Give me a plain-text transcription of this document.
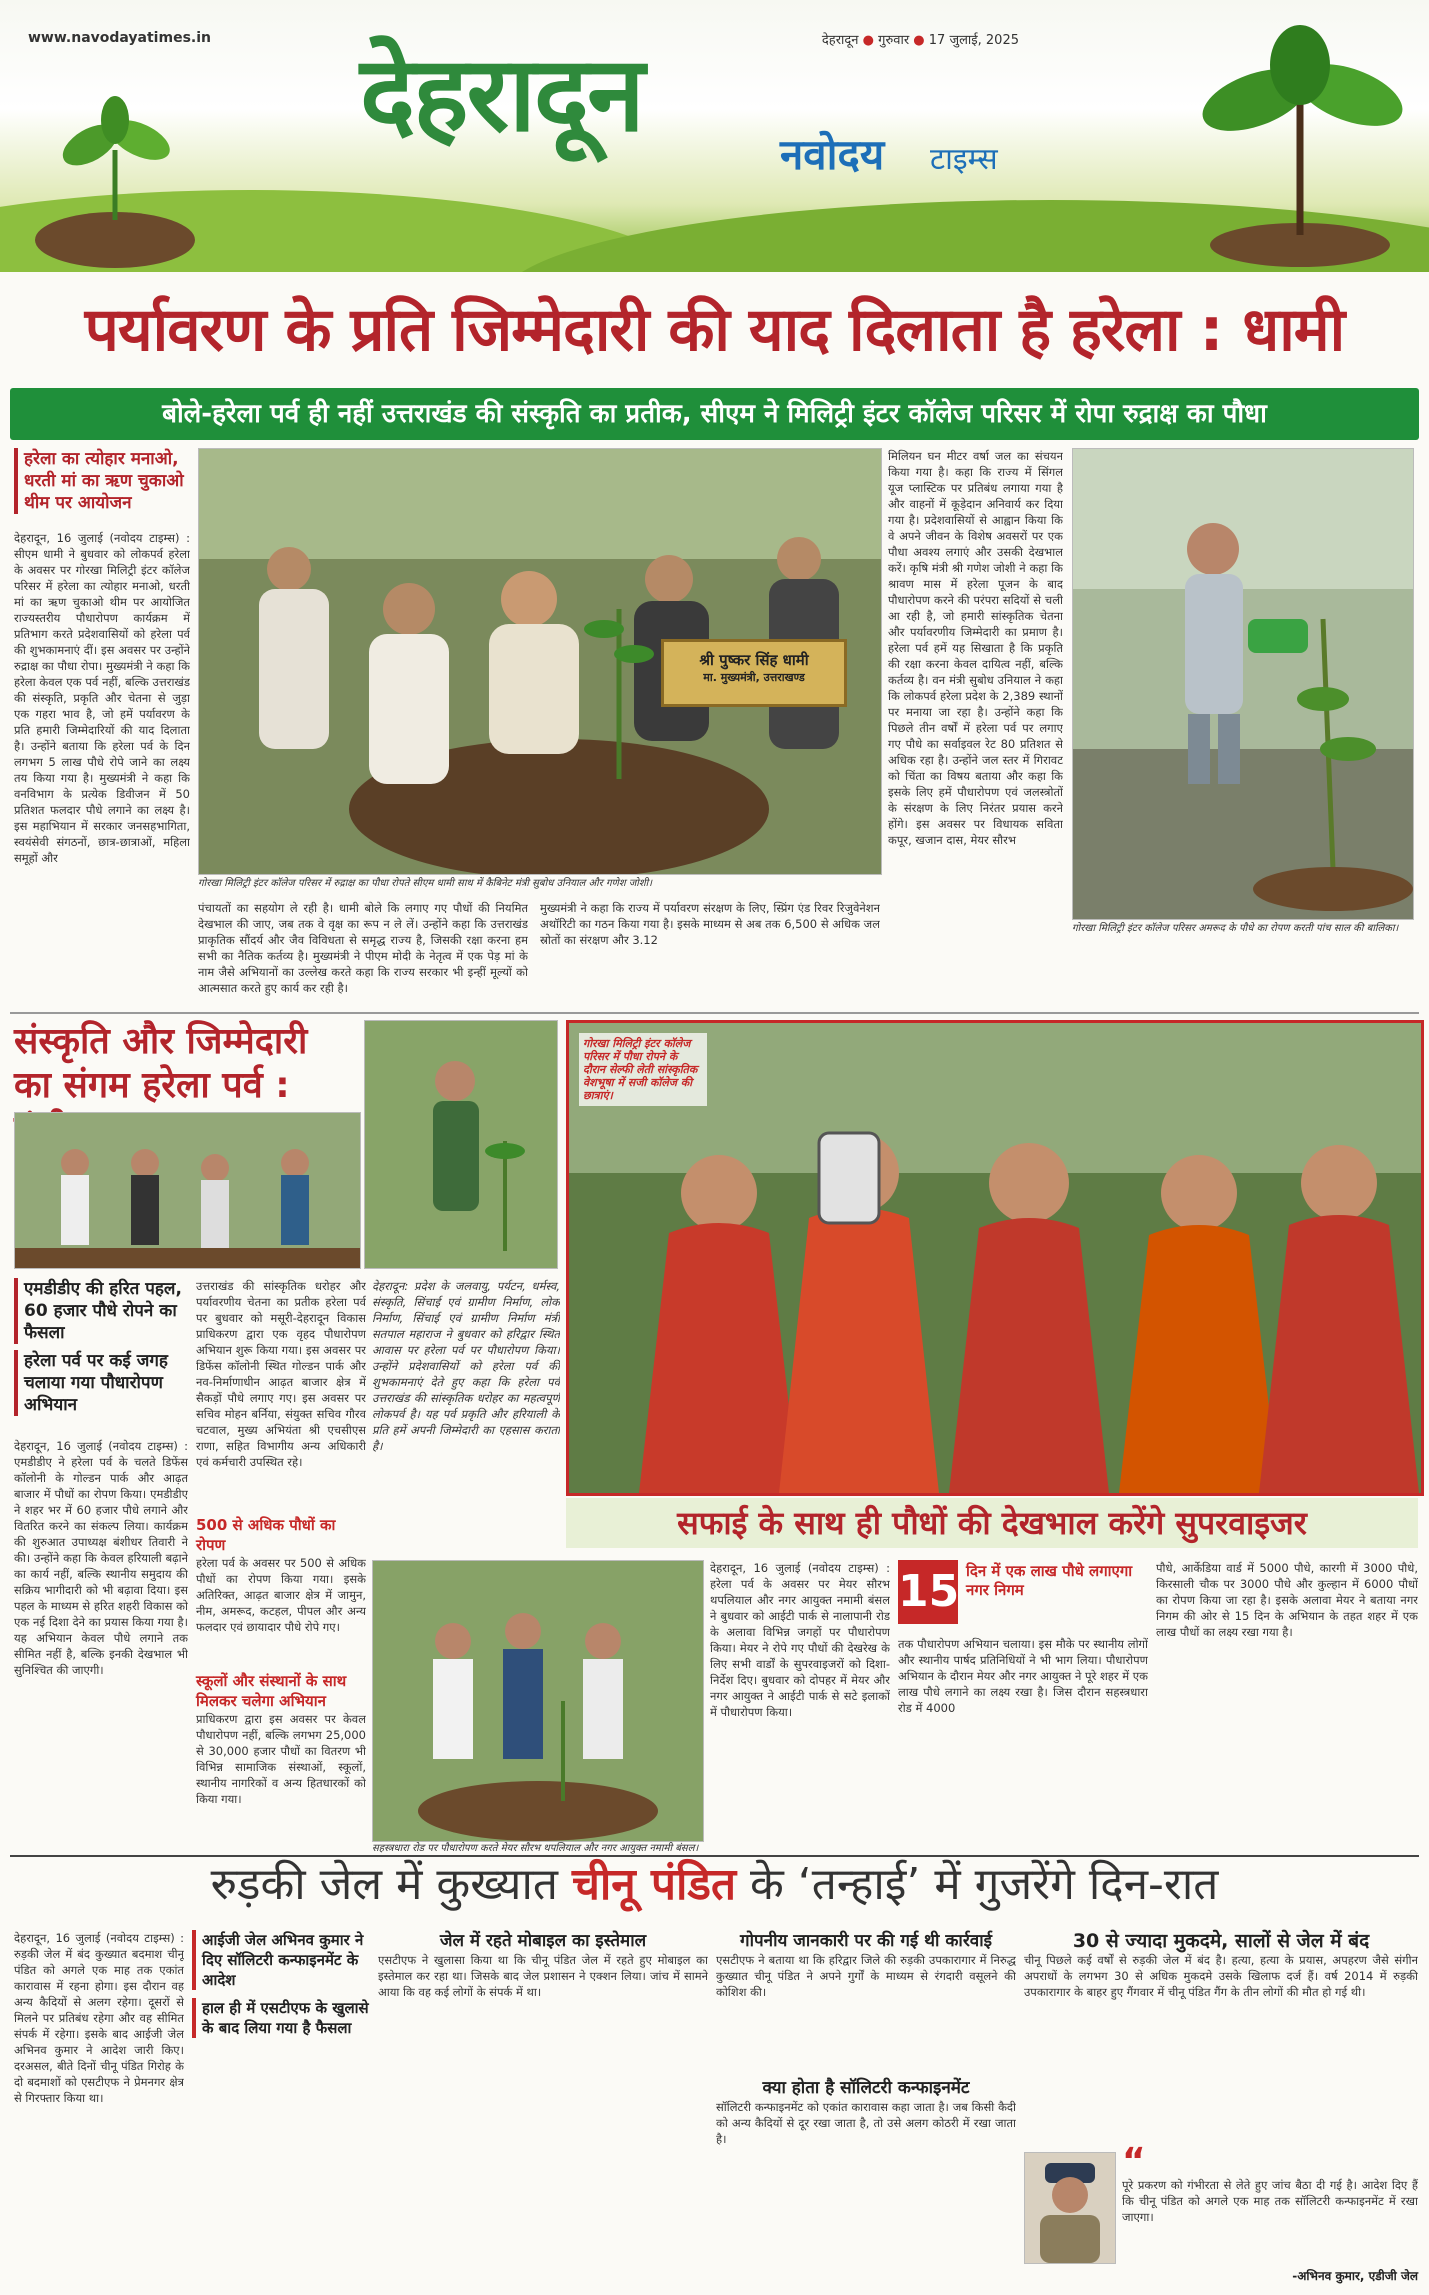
www.navodayatimes.in	देहरादून ● गुरुवार ● 17 जुलाई, 2025
देहरादून	नवोदय टाइम्स
पर्यावरण के प्रति जिम्मेदारी की याद दिलाता है हरेला : धामी
बोले-हरेला पर्व ही नहीं उत्तराखंड की संस्कृति का प्रतीक, सीएम ने मिलिट्री इंटर कॉलेज परिसर में रोपा रुद्राक्ष का पौधा
हरेला का त्योहार मनाओ, धरती मां का ऋण चुकाओ थीम पर आयोजन
देहरादून, 16 जुलाई (नवोदय टाइम्स) : सीएम धामी ने बुधवार को लोकपर्व हरेला के अवसर पर गोरखा मिलिट्री इंटर कॉलेज परिसर में हरेला का त्योहार मनाओ, धरती मां का ऋण चुकाओ थीम पर आयोजित राज्यस्तरीय पौधारोपण कार्यक्रम में प्रतिभाग करते प्रदेशवासियों को हरेला पर्व की शुभकामनाएं दीं। इस अवसर पर उन्होंने रुद्राक्ष का पौधा रोपा। मुख्यमंत्री ने कहा कि हरेला केवल एक पर्व नहीं, बल्कि उत्तराखंड की संस्कृति, प्रकृति और चेतना से जुड़ा एक गहरा भाव है, जो हमें पर्यावरण के प्रति हमारी जिम्मेदारियों की याद दिलाता है। उन्होंने बताया कि हरेला पर्व के दिन लगभग 5 लाख पौधे रोपे जाने का लक्ष्य तय किया गया है। मुख्यमंत्री ने कहा कि वनविभाग के प्रत्येक डिवीजन में 50 प्रतिशत फलदार पौधे लगाने का लक्ष्य है। इस महाभियान में सरकार जनसहभागिता, स्वयंसेवी संगठनों, छात्र-छात्राओं, महिला समूहों और
श्री पुष्कर सिंह धामी
मा. मुख्यमंत्री, उत्तराखण्ड
गोरखा मिलिट्री इंटर कॉलेज परिसर में रुद्राक्ष का पौधा रोपते सीएम धामी साथ में कैबिनेट मंत्री सुबोध उनियाल और गणेश जोशी।
मिलियन घन मीटर वर्षा जल का संचयन किया गया है। कहा कि राज्य में सिंगल यूज प्लास्टिक पर प्रतिबंध लगाया गया है और वाहनों में कूड़ेदान अनिवार्य कर दिया गया है। प्रदेशवासियों से आह्वान किया कि वे अपने जीवन के विशेष अवसरों पर एक पौधा अवश्य लगाएं और उसकी देखभाल करें। कृषि मंत्री श्री गणेश जोशी ने कहा कि श्रावण मास में हरेला पूजन के बाद पौधारोपण करने की परंपरा सदियों से चली आ रही है, जो हमारी सांस्कृतिक चेतना और पर्यावरणीय जिम्मेदारी का प्रमाण है। हरेला पर्व हमें यह सिखाता है कि प्रकृति की रक्षा करना केवल दायित्व नहीं, बल्कि कर्तव्य है। वन मंत्री सुबोध उनियाल ने कहा कि लोकपर्व हरेला प्रदेश के 2,389 स्थानों पर मनाया जा रहा है। उन्होंने कहा कि पिछले तीन वर्षों में हरेला पर्व पर लगाए गए पौधे का सर्वाइवल रेट 80 प्रतिशत से अधिक रहा है। उन्होंने जल स्तर में गिरावट को चिंता का विषय बताया और कहा कि इसके लिए हमें पौधारोपण एवं जलस्त्रोतों के संरक्षण के लिए निरंतर प्रयास करने होंगे। इस अवसर पर विधायक सविता कपूर, खजान दास, मेयर सौरभ
गोरखा मिलिट्री इंटर कॉलेज परिसर अमरूद के पौधे का रोपण करती पांच साल की बालिका।
पंचायतों का सहयोग ले रही है। धामी बोले कि लगाए गए पौधों की नियमित देखभाल की जाए, जब तक वे वृक्ष का रूप न ले लें। उन्होंने कहा कि उत्तराखंड प्राकृतिक सौंदर्य और जैव विविधता से समृद्ध राज्य है, जिसकी रक्षा करना हम सभी का नैतिक कर्तव्य है। मुख्यमंत्री ने पीएम मोदी के नेतृत्व में एक पेड़ मां के नाम जैसे अभियानों का उल्लेख करते कहा कि राज्य सरकार भी इन्हीं मूल्यों को आत्मसात करते हुए कार्य कर रही है।
मुख्यमंत्री ने कहा कि राज्य में पर्यावरण संरक्षण के लिए, स्प्रिंग एंड रिवर रिजुवेनेशन अथॉरिटी का गठन किया गया है। इसके माध्यम से अब तक 6,500 से अधिक जल स्रोतों का संरक्षण और 3.12
संस्कृति और जिम्मेदारी का संगम हरेला पर्व :
एमडीडीए की हरित पहल, 60 हजार पौधे रोपने का फैसला
हरेला पर्व पर कई जगह चलाया गया पौधारोपण अभियान
देहरादून, 16 जुलाई (नवोदय टाइम्स) : एमडीडीए ने हरेला पर्व के चलते डिफेंस कॉलोनी के गोल्डन पार्क और आढ़त बाजार में पौधों का रोपण किया। एमडीडीए ने शहर भर में 60 हजार पौधे लगाने और वितरित करने का संकल्प लिया। कार्यक्रम की शुरुआत उपाध्यक्ष बंशीधर तिवारी ने की। उन्होंने कहा कि केवल हरियाली बढ़ाने का कार्य नहीं, बल्कि स्थानीय समुदाय की सक्रिय भागीदारी को भी बढ़ावा दिया। इस पहल के माध्यम से हरित शहरी विकास को एक नई दिशा देने का प्रयास किया गया है। यह अभियान केवल पौधे लगाने तक सीमित नहीं है, बल्कि इनकी देखभाल भी सुनिश्चित की जाएगी।
उत्तराखंड की सांस्कृतिक धरोहर और पर्यावरणीय चेतना का प्रतीक हरेला पर्व पर बुधवार को मसूरी-देहरादून विकास प्राधिकरण द्वारा एक वृहद पौधारोपण अभियान शुरू किया गया। इस अवसर पर डिफेंस कॉलोनी स्थित गोल्डन पार्क और नव-निर्माणाधीन आढ़त बाजार क्षेत्र में सैकड़ों पौधे लगाए गए। इस अवसर पर सचिव मोहन बर्निया, संयुक्त सचिव गौरव चटवाल, मुख्य अभियंता श्री एचसीएस राणा, सहित विभागीय अन्य अधिकारी एवं कर्मचारी उपस्थित रहे।
देहरादून: प्रदेश के जलवायु, पर्यटन, धर्मस्व, संस्कृति, सिंचाई एवं ग्रामीण निर्माण, लोक निर्माण, सिंचाई एवं ग्रामीण निर्माण मंत्री सतपाल महाराज ने बुधवार को हरिद्वार स्थित आवास पर हरेला पर्व पर पौधारोपण किया। उन्होंने प्रदेशवासियों को हरेला पर्व की शुभकामनाएं देते हुए कहा कि हरेला पर्व उत्तराखंड की सांस्कृतिक धरोहर का महत्वपूर्ण लोकपर्व है। यह पर्व प्रकृति और हरियाली के प्रति हमें अपनी जिम्मेदारी का एहसास कराता है।
500 से अधिक पौधों का रोपण
हरेला पर्व के अवसर पर 500 से अधिक पौधों का रोपण किया गया। इसके अतिरिक्त, आढ़त बाजार क्षेत्र में जामुन, नीम, अमरूद, कटहल, पीपल और अन्य फलदार एवं छायादार पौधे रोपे गए।
स्कूलों और संस्थानों के साथ मिलकर चलेगा अभियान
प्राधिकरण द्वारा इस अवसर पर केवल पौधारोपण नहीं, बल्कि लगभग 25,000 से 30,000 हजार पौधों का वितरण भी विभिन्न सामाजिक संस्थाओं, स्कूलों, स्थानीय नागरिकों व अन्य हितधारकों को किया गया।
गोरखा मिलिट्री इंटर कॉलेज परिसर में पौधा रोपने के दौरान सेल्फी लेती सांस्कृतिक वेशभूषा में सजी कॉलेज की छात्राएं।
सफाई के साथ ही पौधों की देखभाल करेंगे सुपरवाइजर
सहस्त्रधारा रोड पर पौधारोपण करते मेयर सौरभ थपलियाल और नगर आयुक्त नमामी बंसल।
देहरादून, 16 जुलाई (नवोदय टाइम्स) : हरेला पर्व के अवसर पर मेयर सौरभ थपलियाल और नगर आयुक्त नमामी बंसल ने बुधवार को आईटी पार्क से नालापानी रोड के अलावा विभिन्न जगहों पर पौधारोपण किया। मेयर ने रोपे गए पौधों की देखरेख के लिए सभी वार्डों के सुपरवाइजरों को दिशा-निर्देश दिए। बुधवार को दोपहर में मेयर और नगर आयुक्त ने आईटी पार्क से सटे इलाकों में पौधारोपण किया।
15 दिन में एक लाख पौधे लगाएगा नगर निगम
तक पौधारोपण अभियान चलाया। इस मौके पर स्थानीय लोगों और स्थानीय पार्षद प्रतिनिधियों ने भी भाग लिया। पौधारोपण अभियान के दौरान मेयर और नगर आयुक्त ने पूरे शहर में एक लाख पौधे लगाने का लक्ष्य रखा है। जिस दौरान सहस्त्रधारा रोड में 4000
पौधे, आर्केडिया वार्ड में 5000 पौधे, कारगी में 3000 पौधे, किरसाली चौक पर 3000 पौधे और कुल्हान में 6000 पौधों का रोपण किया जा रहा है। इसके अलावा मेयर ने बताया नगर निगम की ओर से 15 दिन के अभियान के तहत शहर में एक लाख पौधों का लक्ष्य रखा गया है।
रुड़की जेल में कुख्यात चीनू पंडित के ‘तन्हाई’ में गुजरेंगे दिन-रात
देहरादून, 16 जुलाई (नवोदय टाइम्स) : रुड़की जेल में बंद कुख्यात बदमाश चीनू पंडित को अगले एक माह तक एकांत कारावास में रहना होगा। इस दौरान वह अन्य कैदियों से अलग रहेगा। दूसरों से मिलने पर प्रतिबंध रहेगा और वह सीमित संपर्क में रहेगा। इसके बाद आईजी जेल अभिनव कुमार ने आदेश जारी किए। दरअसल, बीते दिनों चीनू पंडित गिरोह के दो बदमाशों को एसटीएफ ने प्रेमनगर क्षेत्र से गिरफ्तार किया था।
आईजी जेल अभिनव कुमार ने दिए सॉलिटरी कन्फाइनमेंट के आदेश
हाल ही में एसटीएफ के खुलासे के बाद लिया गया है फैसला
जेल में रहते मोबाइल का इस्तेमाल
एसटीएफ ने खुलासा किया था कि चीनू पंडित जेल में रहते हुए मोबाइल का इस्तेमाल कर रहा था। जिसके बाद जेल प्रशासन ने एक्शन लिया। जांच में सामने आया कि वह कई लोगों के संपर्क में था।
गोपनीय जानकारी पर की गई थी कार्रवाई
एसटीएफ ने बताया था कि हरिद्वार जिले की रुड़की उपकारागार में निरुद्ध कुख्यात चीनू पंडित ने अपने गुर्गों के माध्यम से रंगदारी वसूलने की कोशिश की।
क्या होता है सॉलिटरी कन्फाइनमेंट
सॉलिटरी कन्फाइनमेंट को एकांत कारावास कहा जाता है। जब किसी कैदी को अन्य कैदियों से दूर रखा जाता है, तो उसे अलग कोठरी में रखा जाता है।
30 से ज्यादा मुकदमे, सालों से जेल में बंद
चीनू पिछले कई वर्षों से रुड़की जेल में बंद है। हत्या, हत्या के प्रयास, अपहरण जैसे संगीन अपराधों के लगभग 30 से अधिक मुकदमे उसके खिलाफ दर्ज हैं। वर्ष 2014 में रुड़की उपकारागार के बाहर हुए गैंगवार में चीनू पंडित गैंग के तीन लोगों की मौत हो गई थी।
“
पूरे प्रकरण को गंभीरता से लेते हुए जांच बैठा दी गई है। आदेश दिए हैं कि चीनू पंडित को अगले एक माह तक सॉलिटरी कन्फाइनमेंट में रखा जाएगा।
-अभिनव कुमार, एडीजी जेल
